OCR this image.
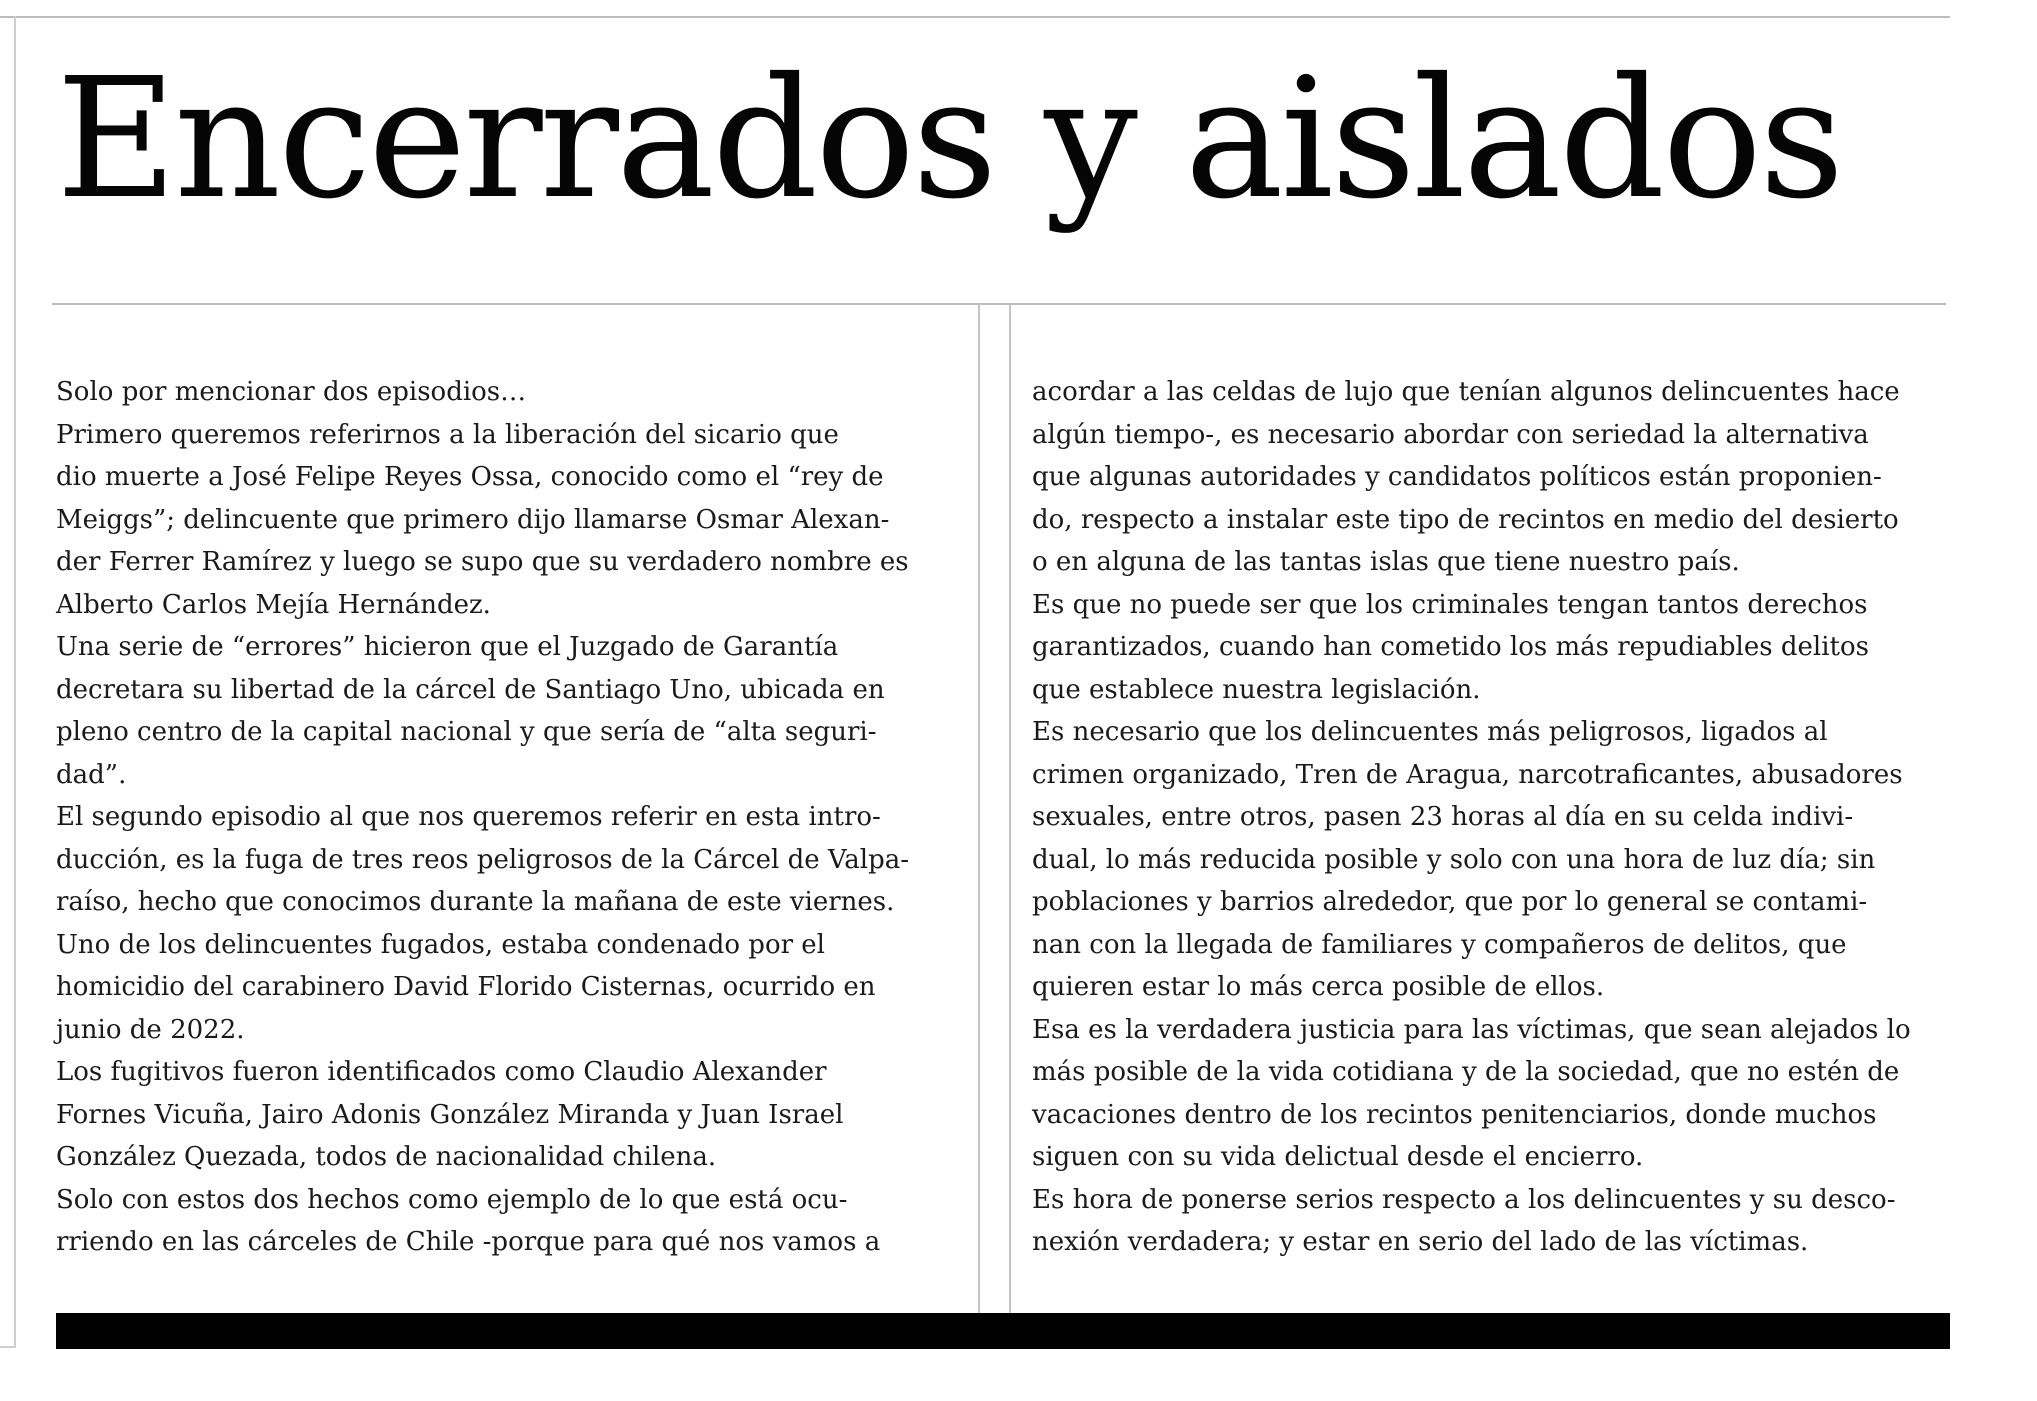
Encerrados y aislados
Solo por mencionar dos episodios…
Primero queremos referirnos a la liberación del sicario que
dio muerte a José Felipe Reyes Ossa, conocido como el “rey de
Meiggs”; delincuente que primero dijo llamarse Osmar Alexan-
der Ferrer Ramírez y luego se supo que su verdadero nombre es
Alberto Carlos Mejía Hernández.
Una serie de “errores” hicieron que el Juzgado de Garantía
decretara su libertad de la cárcel de Santiago Uno, ubicada en
pleno centro de la capital nacional y que sería de “alta seguri-
dad”.
El segundo episodio al que nos queremos referir en esta intro-
ducción, es la fuga de tres reos peligrosos de la Cárcel de Valpa-
raíso, hecho que conocimos durante la mañana de este viernes.
Uno de los delincuentes fugados, estaba condenado por el
homicidio del carabinero David Florido Cisternas, ocurrido en
junio de 2022.
Los fugitivos fueron identificados como Claudio Alexander
Fornes Vicuña, Jairo Adonis González Miranda y Juan Israel
González Quezada, todos de nacionalidad chilena.
Solo con estos dos hechos como ejemplo de lo que está ocu-
rriendo en las cárceles de Chile -porque para qué nos vamos a
acordar a las celdas de lujo que tenían algunos delincuentes hace
algún tiempo-, es necesario abordar con seriedad la alternativa
que algunas autoridades y candidatos políticos están proponien-
do, respecto a instalar este tipo de recintos en medio del desierto
o en alguna de las tantas islas que tiene nuestro país.
Es que no puede ser que los criminales tengan tantos derechos
garantizados, cuando han cometido los más repudiables delitos
que establece nuestra legislación.
Es necesario que los delincuentes más peligrosos, ligados al
crimen organizado, Tren de Aragua, narcotraficantes, abusadores
sexuales, entre otros, pasen 23 horas al día en su celda indivi-
dual, lo más reducida posible y solo con una hora de luz día; sin
poblaciones y barrios alrededor, que por lo general se contami-
nan con la llegada de familiares y compañeros de delitos, que
quieren estar lo más cerca posible de ellos.
Esa es la verdadera justicia para las víctimas, que sean alejados lo
más posible de la vida cotidiana y de la sociedad, que no estén de
vacaciones dentro de los recintos penitenciarios, donde muchos
siguen con su vida delictual desde el encierro.
Es hora de ponerse serios respecto a los delincuentes y su desco-
nexión verdadera; y estar en serio del lado de las víctimas.
